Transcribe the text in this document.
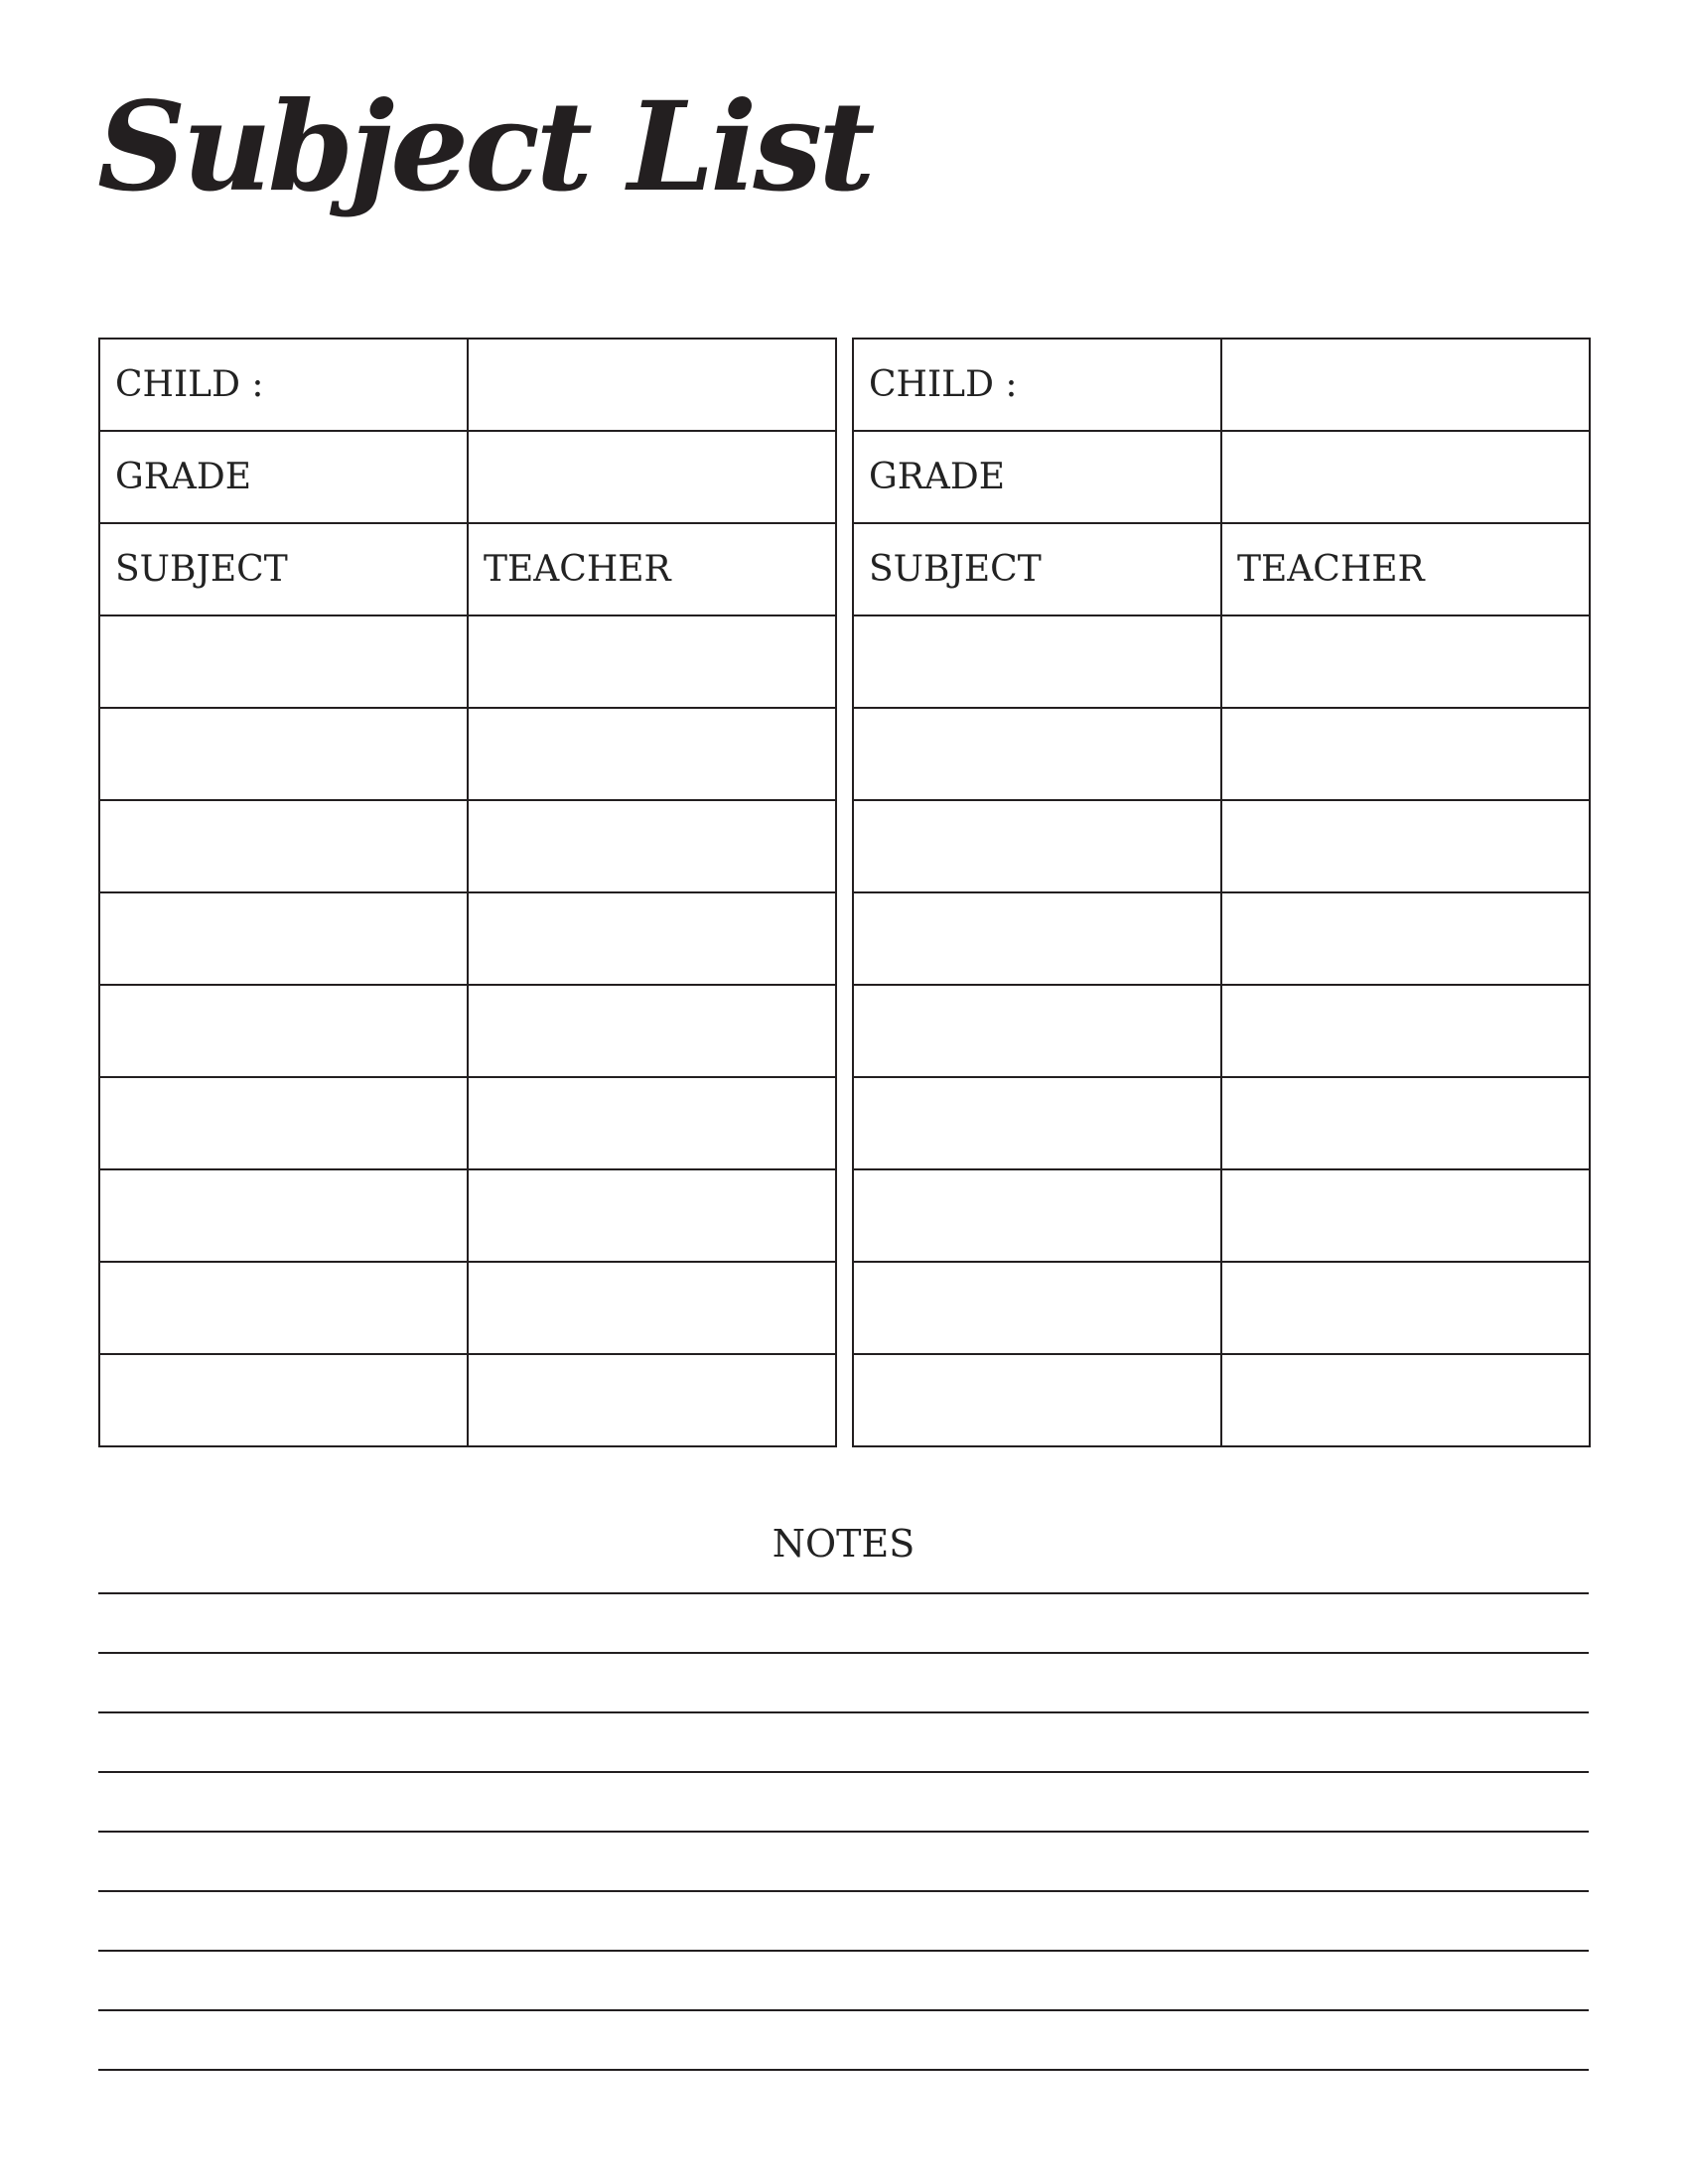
Subject List
CHILD :	
GRADE	
SUBJECT	TEACHER

CHILD :	
GRADE	
SUBJECT	TEACHER

NOTES
